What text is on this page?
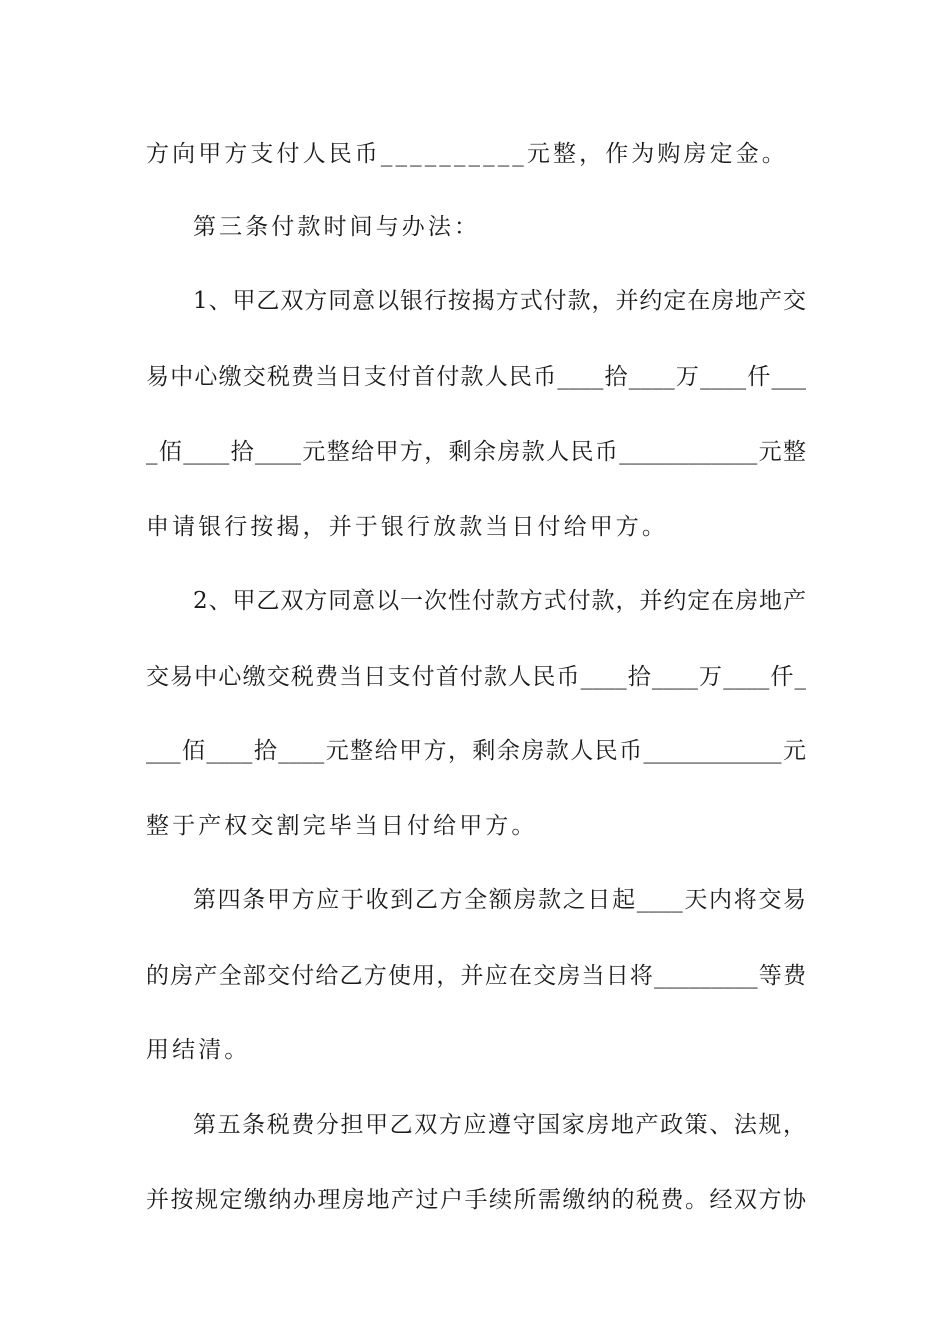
方向甲方支付人民币__________元整，作为购房定金。
第三条付款时间与办法：
1、甲乙双方同意以银行按揭方式付款，并约定在房地产交
易中心缴交税费当日支付首付款人民币____拾____万____仟___
_佰____拾____元整给甲方，剩余房款人民币____________元整
申请银行按揭，并于银行放款当日付给甲方。
2、甲乙双方同意以一次性付款方式付款，并约定在房地产
交易中心缴交税费当日支付首付款人民币____拾____万____仟_
___佰____拾____元整给甲方，剩余房款人民币____________元
整于产权交割完毕当日付给甲方。
第四条甲方应于收到乙方全额房款之日起____天内将交易
的房产全部交付给乙方使用，并应在交房当日将_________等费
用结清。
第五条税费分担甲乙双方应遵守国家房地产政策、法规，
并按规定缴纳办理房地产过户手续所需缴纳的税费。经双方协
